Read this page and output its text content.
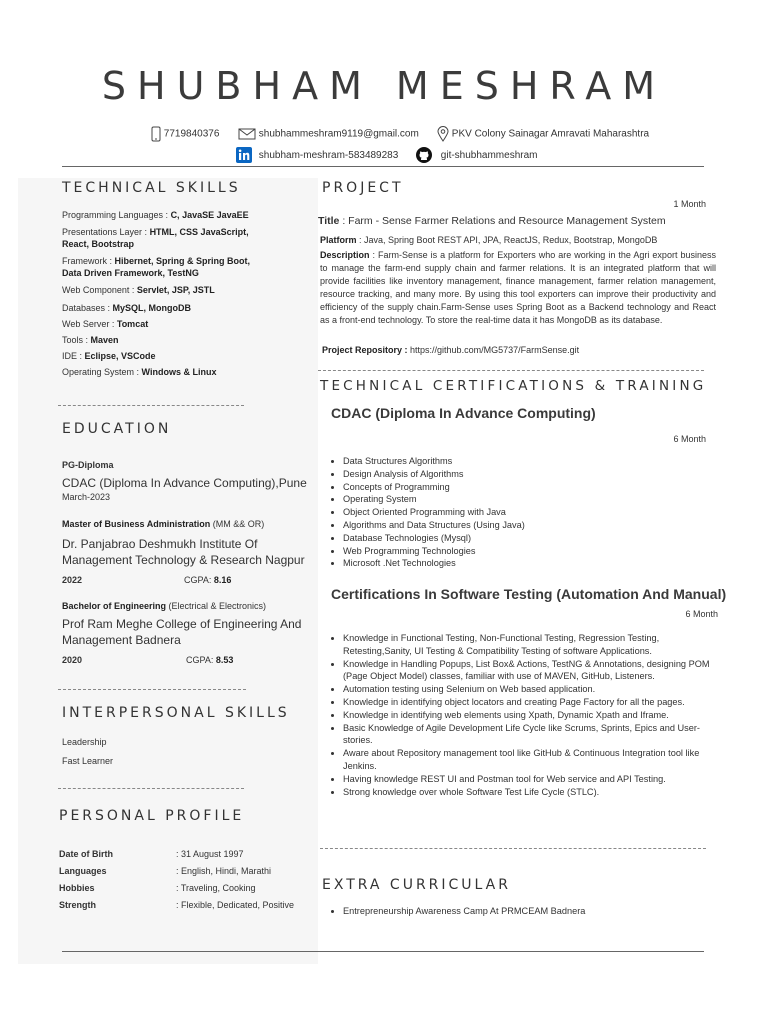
SHUBHAM MESHRAM
7719840376	shubhammeshram9119@gmail.com	PKV Colony Sainagar Amravati Maharashtra
shubham-meshram-583489283	git-shubhammeshram
TECHNICAL SKILLS
Programming Languages : C, JavaSE JavaEE
Presentations Layer : HTML, CSS JavaScript, React, Bootstrap
Framework : Hibernet, Spring & Spring Boot, Data Driven Framework, TestNG
Web Component : Servlet, JSP, JSTL
Databases : MySQL, MongoDB
Web Server : Tomcat
Tools : Maven
IDE : Eclipse, VSCode
Operating System : Windows & Linux
EDUCATION
PG-Diploma
CDAC (Diploma In Advance Computing),Pune
March-2023
Master of Business Administration (MM && OR)
Dr. Panjabrao Deshmukh Institute Of Management Technology & Research Nagpur
2022	CGPA: 8.16
Bachelor of Engineering (Electrical & Electronics)
Prof Ram Meghe College of Engineering And Management Badnera
2020	CGPA: 8.53
INTERPERSONAL SKILLS
Leadership
Fast Learner
PERSONAL PROFILE
Date of Birth	: 31 August 1997
Languages	: English, Hindi, Marathi
Hobbies	: Traveling, Cooking
Strength	: Flexible, Dedicated, Positive
PROJECT
1 Month
Title : Farm - Sense Farmer Relations and Resource Management System
Platform : Java, Spring Boot REST API, JPA, ReactJS, Redux, Bootstrap, MongoDB
Description : Farm-Sense is a platform for Exporters who are working in the Agri export business to manage the farm-end supply chain and farmer relations. It is an integrated platform that will provide facilities like inventory management, finance management, farmer relation management, resource tracking, and many more. By using this tool exporters can improve their productivity and efficiency of the supply chain.Farm-Sense uses Spring Boot as a Backend technology and React as a front-end technology. To store the real-time data it has MongoDB as its database.
Project Repository : https://github.com/MG5737/FarmSense.git
TECHNICAL CERTIFICATIONS & TRAINING
CDAC (Diploma In Advance Computing)
6 Month
• Data Structures Algorithms
• Design Analysis of Algorithms
• Concepts of Programming
• Operating System
• Object Oriented Programming with Java
• Algorithms and Data Structures (Using Java)
• Database Technologies (Mysql)
• Web Programming Technologies
• Microsoft .Net Technologies
Certifications In Software Testing (Automation And Manual)
6 Month
• Knowledge in Functional Testing, Non-Functional Testing, Regression Testing, Retesting,Sanity, UI Testing & Compatibility Testing of software Applications.
• Knowledge in Handling Popups, List Box& Actions, TestNG & Annotations, designing POM (Page Object Model) classes, familiar with use of MAVEN, GitHub, Listeners.
• Automation testing using Selenium on Web based application.
• Knowledge in identifying object locators and creating Page Factory for all the pages.
• Knowledge in identifying web elements using Xpath, Dynamic Xpath and Iframe.
• Basic Knowledge of Agile Development Life Cycle like Scrums, Sprints, Epics and User-stories.
• Aware about Repository management tool like GitHub & Continuous Integration tool like Jenkins.
• Having knowledge REST UI and Postman tool for Web service and API Testing.
• Strong knowledge over whole Software Test Life Cycle (STLC).
EXTRA CURRICULAR
• Entrepreneurship Awareness Camp At PRMCEAM Badnera
